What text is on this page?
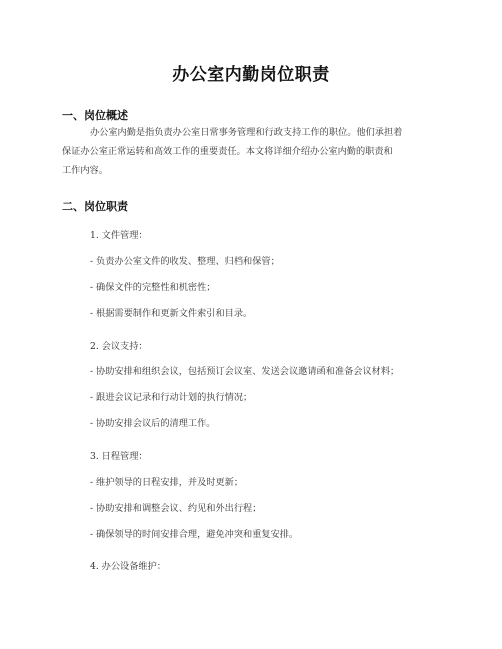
办公室内勤岗位职责
一、岗位概述
办公室内勤是指负责办公室日常事务管理和行政支持工作的职位。他们承担着
保证办公室正常运转和高效工作的重要责任。本文将详细介绍办公室内勤的职责和
工作内容。
二、岗位职责
1. 文件管理：
- 负责办公室文件的收发、整理、归档和保管；
- 确保文件的完整性和机密性；
- 根据需要制作和更新文件索引和目录。
2. 会议支持：
- 协助安排和组织会议，包括预订会议室、发送会议邀请函和准备会议材料；
- 跟进会议记录和行动计划的执行情况；
- 协助安排会议后的清理工作。
3. 日程管理：
- 维护领导的日程安排，并及时更新；
- 协助安排和调整会议、约见和外出行程；
- 确保领导的时间安排合理，避免冲突和重复安排。
4. 办公设备维护：
